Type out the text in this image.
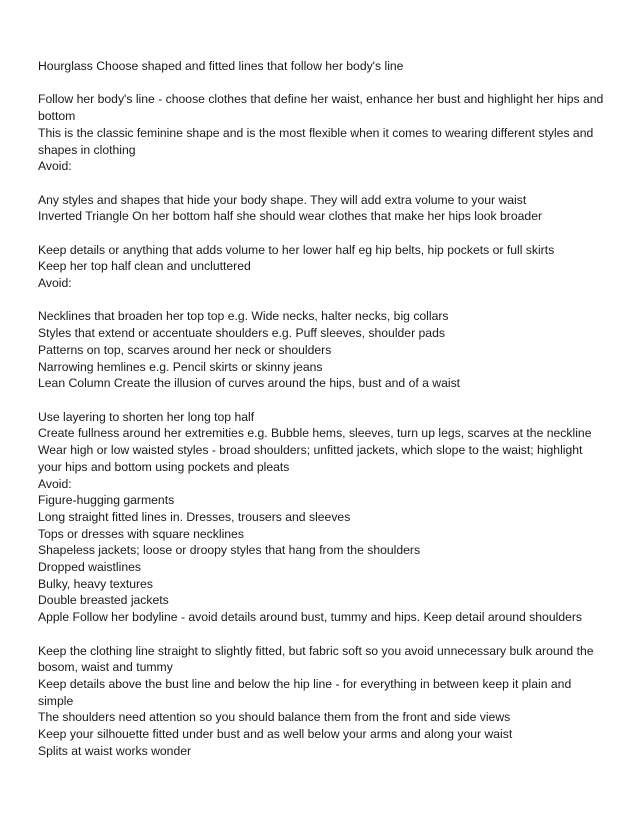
Hourglass Choose shaped and fitted lines that follow her body's line
Follow her body's line - choose clothes that define her waist, enhance her bust and highlight her hips and bottom
This is the classic feminine shape and is the most flexible when it comes to wearing different styles and shapes in clothing
Avoid:
Any styles and shapes that hide your body shape. They will add extra volume to your waist
Inverted Triangle On her bottom half she should wear clothes that make her hips look broader
Keep details or anything that adds volume to her lower half eg hip belts, hip pockets or full skirts
Keep her top half clean and uncluttered
Avoid:
Necklines that broaden her top top e.g. Wide necks, halter necks, big collars
Styles that extend or accentuate shoulders e.g. Puff sleeves, shoulder pads
Patterns on top, scarves around her neck or shoulders
Narrowing hemlines e.g. Pencil skirts or skinny jeans
Lean Column Create the illusion of curves around the hips, bust and of a waist
Use layering to shorten her long top half
Create fullness around her extremities e.g. Bubble hems, sleeves, turn up legs, scarves at the neckline
Wear high or low waisted styles - broad shoulders; unfitted jackets, which slope to the waist; highlight your hips and bottom using pockets and pleats
Avoid:
Figure-hugging garments
Long straight fitted lines in. Dresses, trousers and sleeves
Tops or dresses with square necklines
Shapeless jackets; loose or droopy styles that hang from the shoulders
Dropped waistlines
Bulky, heavy textures
Double breasted jackets
Apple Follow her bodyline - avoid details around bust, tummy and hips. Keep detail around shoulders
Keep the clothing line straight to slightly fitted, but fabric soft so you avoid unnecessary bulk around the bosom, waist and tummy
Keep details above the bust line and below the hip line - for everything in between keep it plain and simple
The shoulders need attention so you should balance them from the front and side views
Keep your silhouette fitted under bust and as well below your arms and along your waist
Splits at waist works wonder
